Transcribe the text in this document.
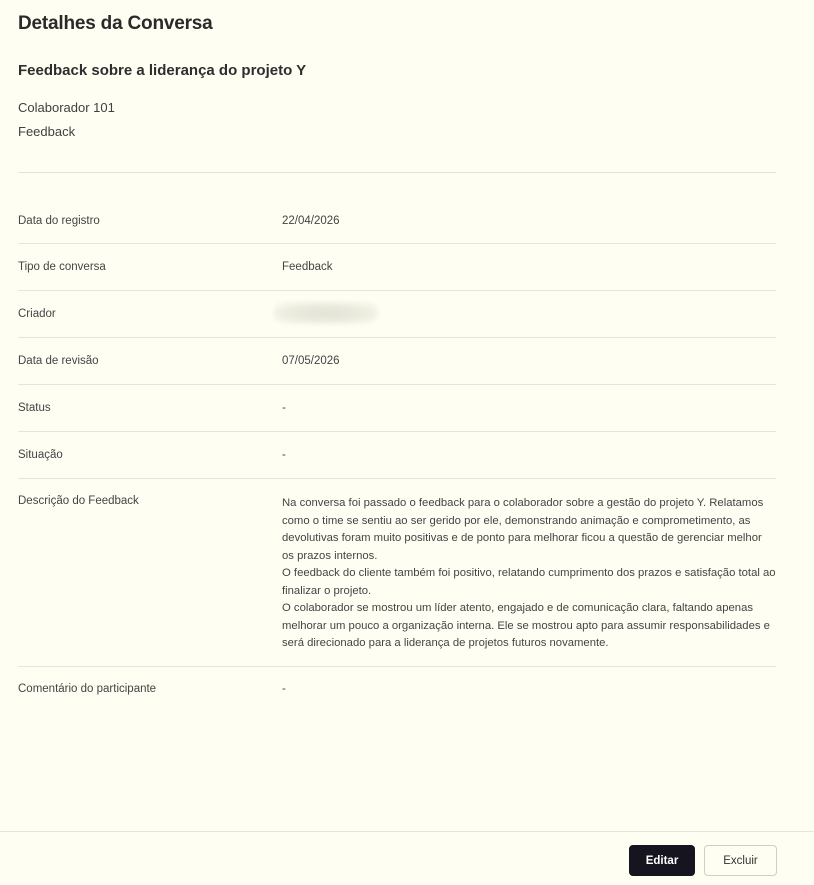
Detalhes da Conversa
Feedback sobre a liderança do projeto Y
Colaborador 101
Feedback
Data do registro	22/04/2026
Tipo de conversa	Feedback
Criador
Data de revisão	07/05/2026
Status	-
Situação	-
Descrição do Feedback	Na conversa foi passado o feedback para o colaborador sobre a gestão do projeto Y. Relatamos como o time se sentiu ao ser gerido por ele, demonstrando animação e comprometimento, as devolutivas foram muito positivas e de ponto para melhorar ficou a questão de gerenciar melhor os prazos internos.
O feedback do cliente também foi positivo, relatando cumprimento dos prazos e satisfação total ao finalizar o projeto.
O colaborador se mostrou um líder atento, engajado e de comunicação clara, faltando apenas melhorar um pouco a organização interna. Ele se mostrou apto para assumir responsabilidades e será direcionado para a liderança de projetos futuros novamente.
Comentário do participante	-
Editar	Excluir
